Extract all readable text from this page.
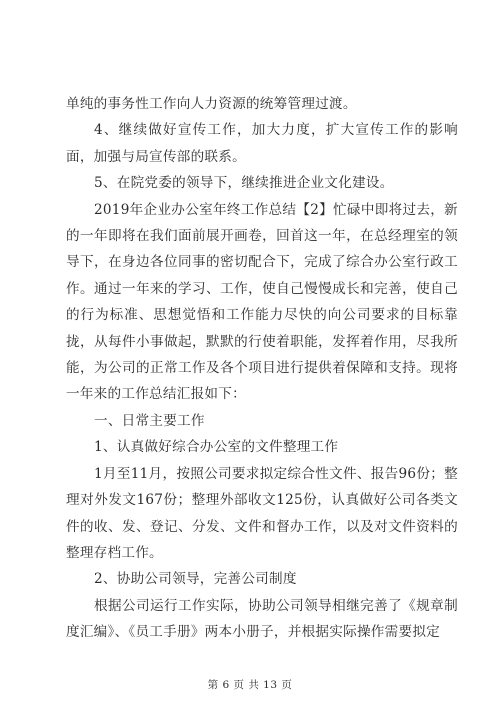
单纯的事务性工作向人力资源的统筹管理过渡。

4、继续做好宣传工作，加大力度，扩大宣传工作的影响面，加强与局宣传部的联系。

5、在院党委的领导下，继续推进企业文化建设。

2019年企业办公室年终工作总结【2】忙碌中即将过去，新的一年即将在我们面前展开画卷，回首这一年，在总经理室的领导下，在身边各位同事的密切配合下，完成了综合办公室行政工作。通过一年来的学习、工作，使自己慢慢成长和完善，使自己的行为标准、思想觉悟和工作能力尽快的向公司要求的目标靠拢，从每件小事做起，默默的行使着职能，发挥着作用，尽我所能，为公司的正常工作及各个项目进行提供着保障和支持。现将一年来的工作总结汇报如下：

一、日常主要工作

1、认真做好综合办公室的文件整理工作

1月至11月，按照公司要求拟定综合性文件、报告96份；整理对外发文167份；整理外部收文125份，认真做好公司各类文件的收、发、登记、分发、文件和督办工作，以及对文件资料的整理存档工作。

2、协助公司领导，完善公司制度

根据公司运行工作实际，协助公司领导相继完善了《规章制度汇编》、《员工手册》两本小册子，并根据实际操作需要拟定

第 6 页 共 13 页
